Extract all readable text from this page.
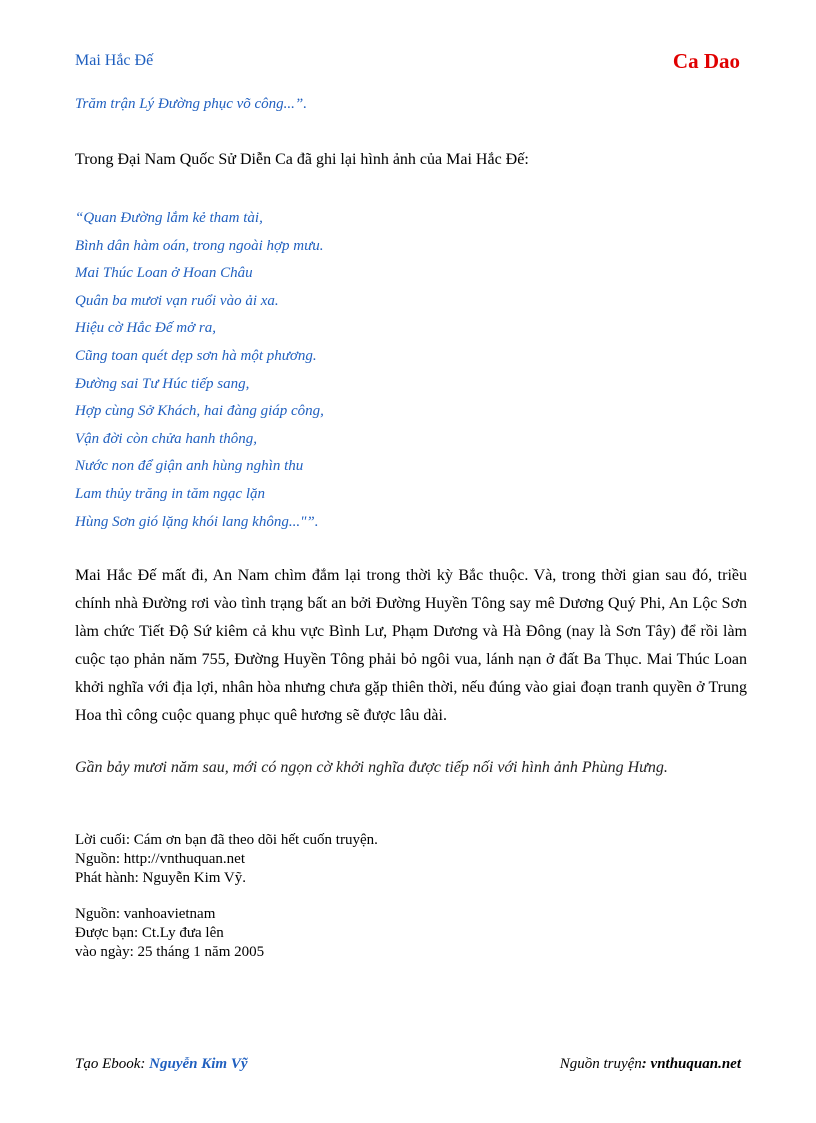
Mai Hắc Đế	Ca Dao
Trăm trận Lý Đường phục võ công...”.
Trong Đại Nam Quốc Sử Diễn Ca đã ghi lại hình ảnh của Mai Hắc Đế:
“Quan Đường lắm kẻ tham tài,
Bình dân hàm oán, trong ngoài hợp mưu.
Mai Thúc Loan ở Hoan Châu
Quân ba mươi vạn ruổi vào ải xa.
Hiệu cờ Hắc Đế mở ra,
Cũng toan quét dẹp sơn hà một phương.
Đường sai Tư Húc tiếp sang,
Hợp cùng Sở Khách, hai đàng giáp công,
Vận đời còn chửa hanh thông,
Nước non để giận anh hùng nghìn thu
Lam thủy trăng in tăm ngạc lặn
Hùng Sơn gió lặng khói lang không..."”.
Mai Hắc Đế mất đi, An Nam chìm đắm lại trong thời kỳ Bắc thuộc. Và, trong thời gian sau đó, triều chính nhà Đường rơi vào tình trạng bất an bởi Đường Huyền Tông say mê Dương Quý Phi, An Lộc Sơn làm chức Tiết Độ Sứ kiêm cả khu vực Bình Lư, Phạm Dương và Hà Đông (nay là Sơn Tây) để rồi làm cuộc tạo phản năm 755, Đường Huyền Tông phải bỏ ngôi vua, lánh nạn ở đất Ba Thục. Mai Thúc Loan khởi nghĩa với địa lợi, nhân hòa nhưng chưa gặp thiên thời, nếu đúng vào giai đoạn tranh quyền ở Trung Hoa thì công cuộc quang phục quê hương sẽ được lâu dài.
Gần bảy mươi năm sau, mới có ngọn cờ khởi nghĩa được tiếp nối với hình ảnh Phùng Hưng.
Lời cuối: Cám ơn bạn đã theo dõi hết cuốn truyện.
Nguồn: http://vnthuquan.net
Phát hành: Nguyễn Kim Vỹ.
Nguồn: vanhoavietnam
Được bạn: Ct.Ly đưa lên
vào ngày: 25 tháng 1 năm 2005
Tạo Ebook: Nguyễn Kim Vỹ	Nguồn truyện: vnthuquan.net
